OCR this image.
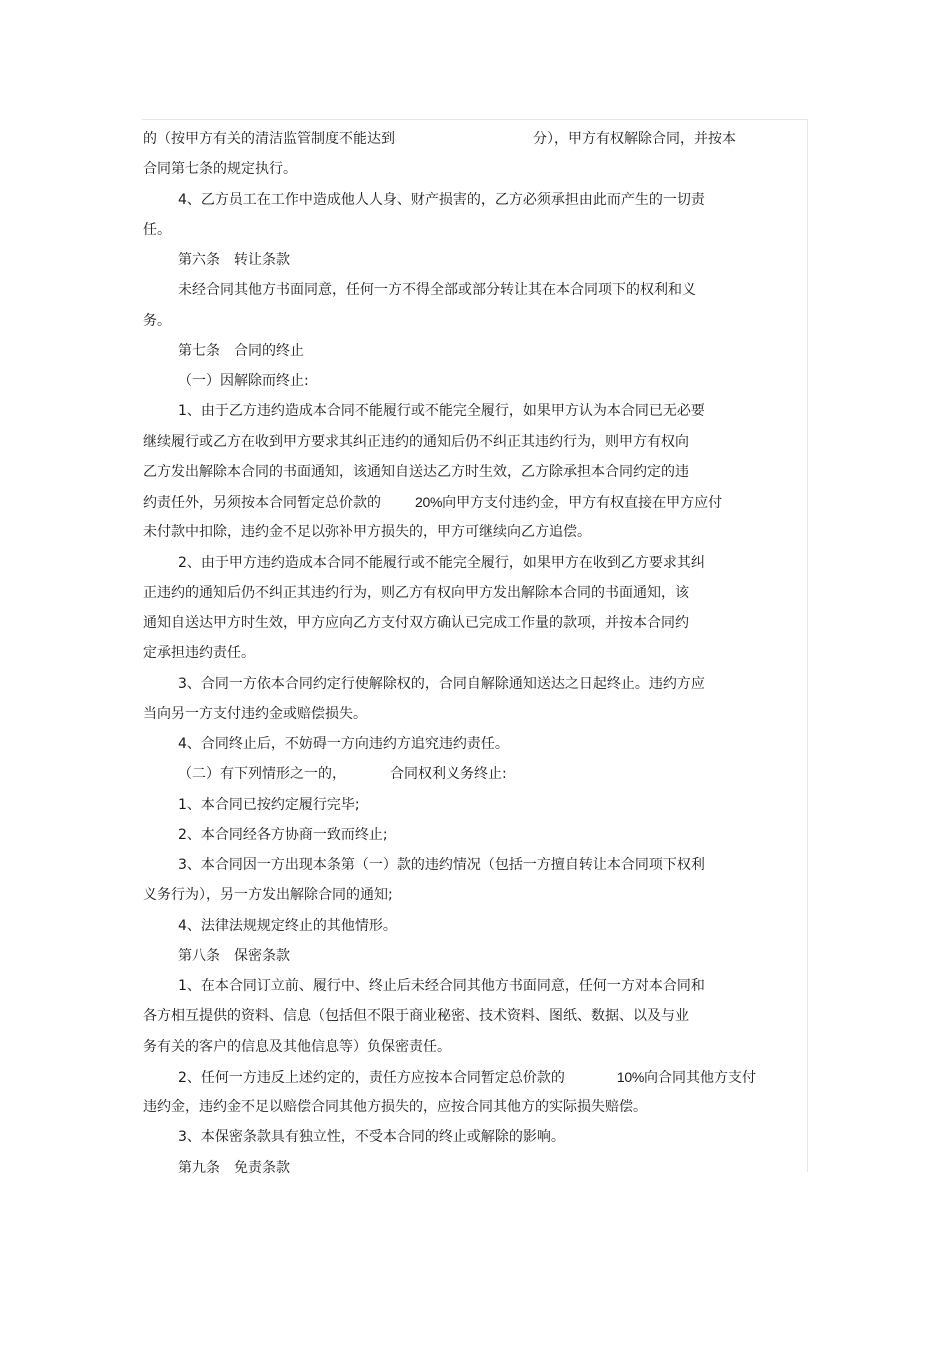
的（按甲方有关的清洁监管制度不能达到	分），甲方有权解除合同，并按本

合同第七条的规定执行。

4、乙方员工在工作中造成他人人身、财产损害的，乙方必须承担由此而产生的一切责

任。

第六条　转让条款

未经合同其他方书面同意，任何一方不得全部或部分转让其在本合同项下的权利和义

务。

第七条　合同的终止

（一）因解除而终止:

1、由于乙方违约造成本合同不能履行或不能完全履行，如果甲方认为本合同已无必要

继续履行或乙方在收到甲方要求其纠正违约的通知后仍不纠正其违约行为，则甲方有权向

乙方发出解除本合同的书面通知，该通知自送达乙方时生效，乙方除承担本合同约定的违

约责任外，另须按本合同暂定总价款的 20%向甲方支付违约金，甲方有权直接在甲方应付

未付款中扣除，违约金不足以弥补甲方损失的，甲方可继续向乙方追偿。

2、由于甲方违约造成本合同不能履行或不能完全履行，如果甲方在收到乙方要求其纠

正违约的通知后仍不纠正其违约行为，则乙方有权向甲方发出解除本合同的书面通知，该

通知自送达甲方时生效，甲方应向乙方支付双方确认已完成工作量的款项，并按本合同约

定承担违约责任。

3、合同一方依本合同约定行使解除权的，合同自解除通知送达之日起终止。违约方应

当向另一方支付违约金或赔偿损失。

4、合同终止后，不妨碍一方向违约方追究违约责任。

（二）有下列情形之一的，	合同权利义务终止:

1、本合同已按约定履行完毕;

2、本合同经各方协商一致而终止;

3、本合同因一方出现本条第（一）款的违约情况（包括一方擅自转让本合同项下权利

义务行为），另一方发出解除合同的通知;

4、法律法规规定终止的其他情形。

第八条　保密条款

1、在本合同订立前、履行中、终止后未经合同其他方书面同意，任何一方对本合同和

各方相互提供的资料、信息（包括但不限于商业秘密、技术资料、图纸、数据、以及与业

务有关的客户的信息及其他信息等）负保密责任。

2、任何一方违反上述约定的，责任方应按本合同暂定总价款的	10%向合同其他方支付

违约金，违约金不足以赔偿合同其他方损失的，应按合同其他方的实际损失赔偿。

3、本保密条款具有独立性，不受本合同的终止或解除的影响。

第九条　免责条款
